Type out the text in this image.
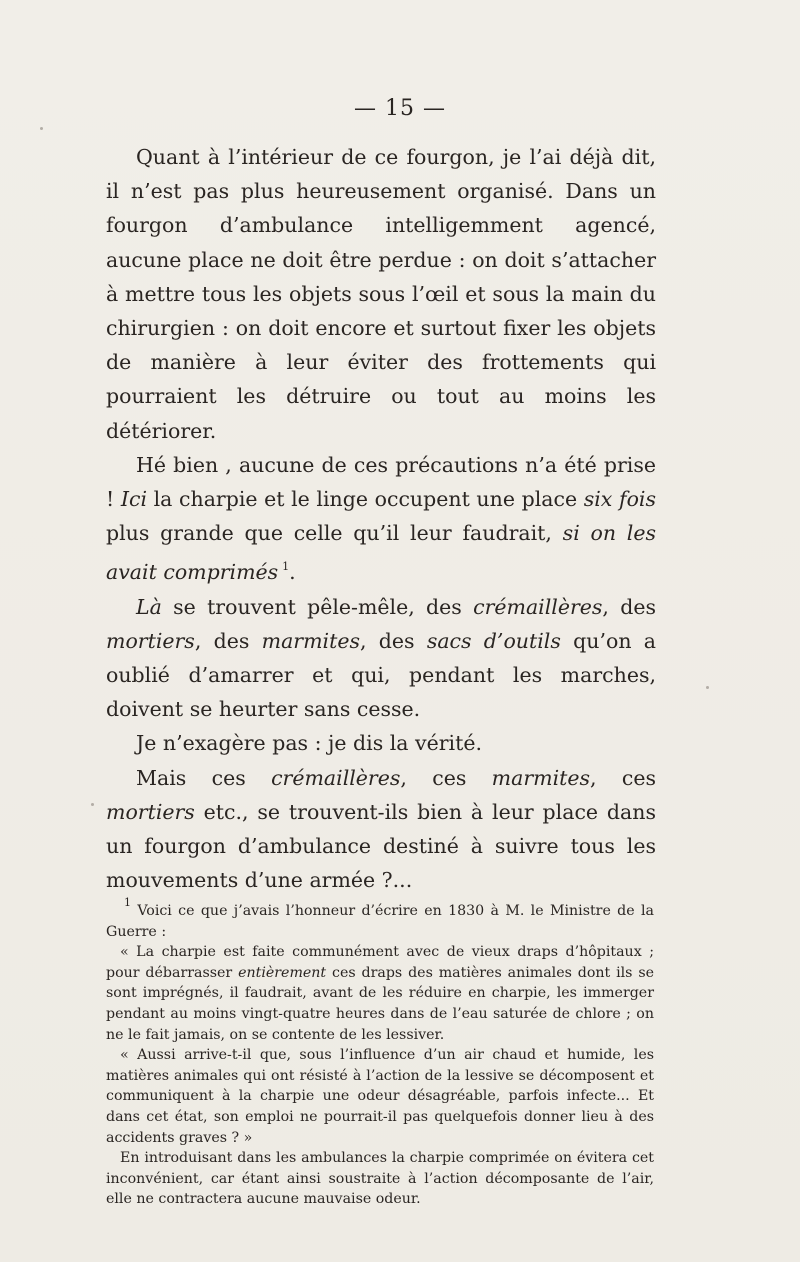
— 15 —

Quant à l’intérieur de ce fourgon, je l’ai déjà dit, il n’est pas plus heureusement organisé. Dans un fourgon d’ambulance intelligemment agencé, aucune place ne doit être perdue : on doit s’attacher à mettre tous les objets sous l’œil et sous la main du chirurgien : on doit encore et surtout fixer les objets de manière à leur éviter des frottements qui pourraient les détruire ou tout au moins les détériorer.

Hé bien , aucune de ces précautions n’a été prise ! Ici la charpie et le linge occupent une place six fois plus grande que celle qu’il leur faudrait, si on les avait comprimés $^1$.

Là se trouvent pêle-mêle, des crémaillères, des mortiers, des marmites, des sacs d’outils qu’on a oublié d’amarrer et qui, pendant les marches, doivent se heurter sans cesse.

Je n’exagère pas : je dis la vérité.

Mais ces crémaillères, ces marmites, ces mortiers etc., se trouvent-ils bien à leur place dans un fourgon d’ambulance destiné à suivre tous les mouvements d’une armée ?...

$^1$ Voici ce que j’avais l’honneur d’écrire en 1830 à M. le Ministre de la Guerre :

« La charpie est faite communément avec de vieux draps d’hôpitaux ; pour débarrasser entièrement ces draps des matières animales dont ils se sont imprégnés, il faudrait, avant de les réduire en charpie, les immerger pendant au moins vingt-quatre heures dans de l’eau saturée de chlore ; on ne le fait jamais, on se contente de les lessiver.

« Aussi arrive-t-il que, sous l’influence d’un air chaud et humide, les matières animales qui ont résisté à l’action de la lessive se décomposent et communiquent à la charpie une odeur désagréable, parfois infecte... Et dans cet état, son emploi ne pourrait-il pas quelquefois donner lieu à des accidents graves ? »

En introduisant dans les ambulances la charpie comprimée on évitera cet inconvénient, car étant ainsi soustraite à l’action décomposante de l’air, elle ne contractera aucune mauvaise odeur.
